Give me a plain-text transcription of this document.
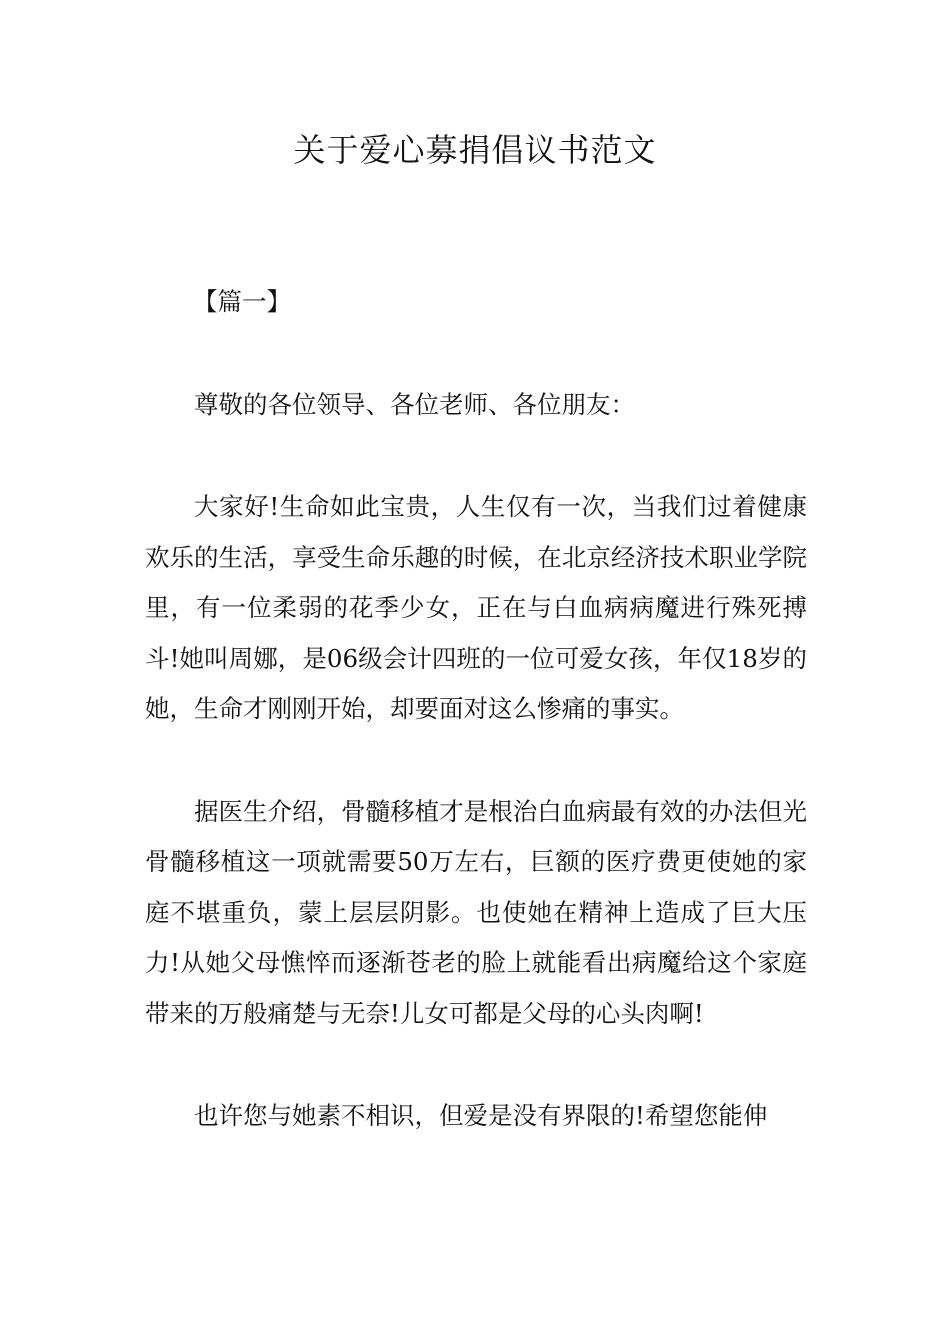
关于爱心募捐倡议书范文

【篇一】

尊敬的各位领导、各位老师、各位朋友：

大家好!生命如此宝贵，人生仅有一次，当我们过着健康欢乐的生活，享受生命乐趣的时候，在北京经济技术职业学院里，有一位柔弱的花季少女，正在与白血病病魔进行殊死搏斗!她叫周娜，是06级会计四班的一位可爱女孩，年仅18岁的她，生命才刚刚开始，却要面对这么惨痛的事实。

据医生介绍，骨髓移植才是根治白血病最有效的办法但光骨髓移植这一项就需要50万左右，巨额的医疗费更使她的家庭不堪重负，蒙上层层阴影。也使她在精神上造成了巨大压力!从她父母憔悴而逐渐苍老的脸上就能看出病魔给这个家庭带来的万般痛楚与无奈!儿女可都是父母的心头肉啊!

也许您与她素不相识，但爱是没有界限的!希望您能伸
